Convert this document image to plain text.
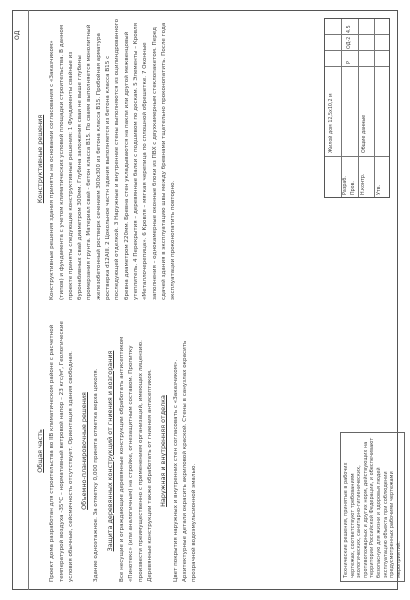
ОД
Общая часть Проект дома разработан для строительства во IIВ климатическом районе с расчетной температурой воздуха -35°С – нормативный ветровой напор – 23 кгс/м², Геологические условия обычные, сейсмичность отсутствует. Ориентация здания свободная. Объемно-планировочные решения Здание одноэтажное. За отметку 0,000 принята отметка верха цоколя. Защита деревянных конструкций от гниения и возгорания Все несущие и ограждающие деревянные конструкции обработать антисептиком «Пинотекс» (или аналогичным) на стройке, огнезащитным составом. Пропитку произвести преимущественно с применением организаций, имеющих лицензию. Деревянные конструкции также обработать от гниения антисептиком. Наружная и внутренняя отделка Цвет покрытия наружных и внутренних стен согласовать с «Заказчиком». Архитектурные детали окрасить акриловой краской. Стены в санузлах окрасить прозрачной водоэмульсионной эмалью.

Конструктивные решения Конструктивные решения здания приняты на основании согласования с «Заказчиком» (типов) и фундамента с учетом климатических условий площадки строительства. В данном проекте приняты следующие конструктивные решения: 1 Фундаменты свайные из буронабивных свай диаметром 300мм. Глубина заложения сваи не выше глубины промерзания грунта. Материал свай - бетон класса В15. По сваям выполняется монолитный железобетонный ростверк сечением 300х300 из бетона класса В15. Пробойная арматура ростверка d12АIII. 2 Цокольное частн здания выполняется из бетона класса В15 с последующей отделкой. 3 Наружные и внутренние стены выполняются из оцилиндрованного бревна диаметром 220мм. Бревна стен укладываются на пакли или другой межвенцовый утеплитель. 4 Перекрытия – деревянные балки с подшивом по доскам. 5 Элементы – Кровля «Металлочерепица». 6 Кровля – мягкая черепица по сплошной обрешетке. 7 Оконные заполнения – однокамерные оконные блоки из ПВХ с двухкамерным стеклопакетом. Перед сдачей здания в эксплуатацию швы между бревнами тщательно проконопатить. После года эксплуатации проконопатить повторно.

Технические решения, принятые в рабочих чертежах, соответствуют требованиям экологических, санитарно-гигиенических, противопожарных и других норм, действующих на территории Российской Федерации, и обеспечивают безопасную для жизни и здоровья людей эксплуатацию объекта при соблюдении предусмотренных рабочими чертежами мероприятий.
Жилой дом 12,5х10,2 м	Общие данные
Р
ОД-2
4.5
Разраб. Пров. Н.контр. Утв.
